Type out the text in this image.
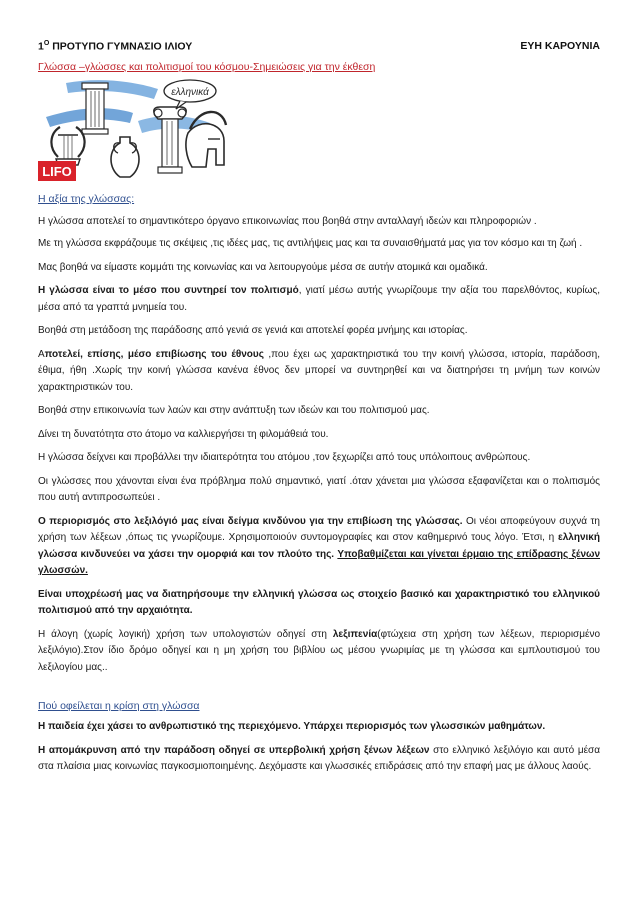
$1^O$ ΠΡΟΤΥΠΟ ΓΥΜΝΑΣΙΟ ΙΛΙΟΥ	ΕΥΗ ΚΑΡΟΥΝΙΑ
Γλώσσα –γλώσσες και πολιτισμοί του κόσμου-Σημειώσεις για την έκθεση
ελληνικά
LIFO
Η αξία της γλώσσας:

Η γλώσσα αποτελεί το σημαντικότερο όργανο επικοινωνίας που βοηθά στην ανταλλαγή ιδεών και πληροφοριών .

Με τη γλώσσα εκφράζουμε τις σκέψεις ,τις ιδέες μας, τις αντιλήψεις μας και τα συναισθήματά μας για τον κόσμο και τη ζωή .

Μας βοηθά να είμαστε κομμάτι της κοινωνίας και να λειτουργούμε μέσα σε αυτήν ατομικά και ομαδικά.

Η γλώσσα είναι το μέσο που συντηρεί τον πολιτισμό, γιατί μέσω αυτής γνωρίζουμε την αξία του παρελθόντος, κυρίως, μέσα από τα γραπτά μνημεία του.

Βοηθά στη μετάδοση της παράδοσης από γενιά σε γενιά και αποτελεί φορέα μνήμης και ιστορίας.

Αποτελεί, επίσης, μέσο επιβίωσης του έθνους ,που έχει ως χαρακτηριστικά του την κοινή γλώσσα, ιστορία, παράδοση, έθιμα, ήθη .Χωρίς την κοινή γλώσσα κανένα έθνος δεν μπορεί να συντηρηθεί και να διατηρήσει τη μνήμη των κοινών χαρακτηριστικών του.

Βοηθά στην επικοινωνία των λαών και στην ανάπτυξη των ιδεών και του πολιτισμού μας.

Δίνει τη δυνατότητα στο άτομο να καλλιεργήσει τη φιλομάθειά του.

Η γλώσσα δείχνει και προβάλλει την ιδιαιτερότητα του ατόμου ,τον ξεχωρίζει από τους υπόλοιπους ανθρώπους.

Οι γλώσσες που χάνονται είναι ένα πρόβλημα πολύ σημαντικό, γιατί .όταν χάνεται μια γλώσσα εξαφανίζεται και ο πολιτισμός που αυτή αντιπροσωπεύει .

Ο περιορισμός στο λεξιλόγιό μας είναι δείγμα κινδύνου για την επιβίωση της γλώσσας. Οι νέοι αποφεύγουν συχνά τη χρήση των λέξεων ,όπως τις γνωρίζουμε. Χρησιμοποιούν συντομογραφίες και στον καθημερινό τους λόγο. Έτσι, η ελληνική γλώσσα κινδυνεύει να χάσει την ομορφιά και τον πλούτο της. Υποβαθμίζεται και γίνεται έρμαιο της επίδρασης ξένων γλωσσών.

Είναι υποχρέωσή μας να διατηρήσουμε την ελληνική γλώσσα ως στοιχείο βασικό και χαρακτηριστικό του ελληνικού πολιτισμού από την αρχαιότητα.

Η άλογη (χωρίς λογική) χρήση των υπολογιστών οδηγεί στη λεξιπενία(φτώχεια στη χρήση των λέξεων, περιορισμένο λεξιλόγιο).Στον ίδιο δρόμο οδηγεί και η μη χρήση του βιβλίου ως μέσου γνωριμίας με τη γλώσσα και εμπλουτισμού του λεξιλογίου μας..

Πού οφείλεται η κρίση στη γλώσσα

Η παιδεία έχει χάσει το ανθρωπιστικό της περιεχόμενο. Υπάρχει περιορισμός των γλωσσικών μαθημάτων.

Η απομάκρυνση από την παράδοση οδηγεί σε υπερβολική χρήση ξένων λέξεων στο ελληνικό λεξιλόγιο και αυτό μέσα στα πλαίσια μιας κοινωνίας παγκοσμιοποιημένης. Δεχόμαστε και γλωσσικές επιδράσεις από την επαφή μας με άλλους λαούς.
